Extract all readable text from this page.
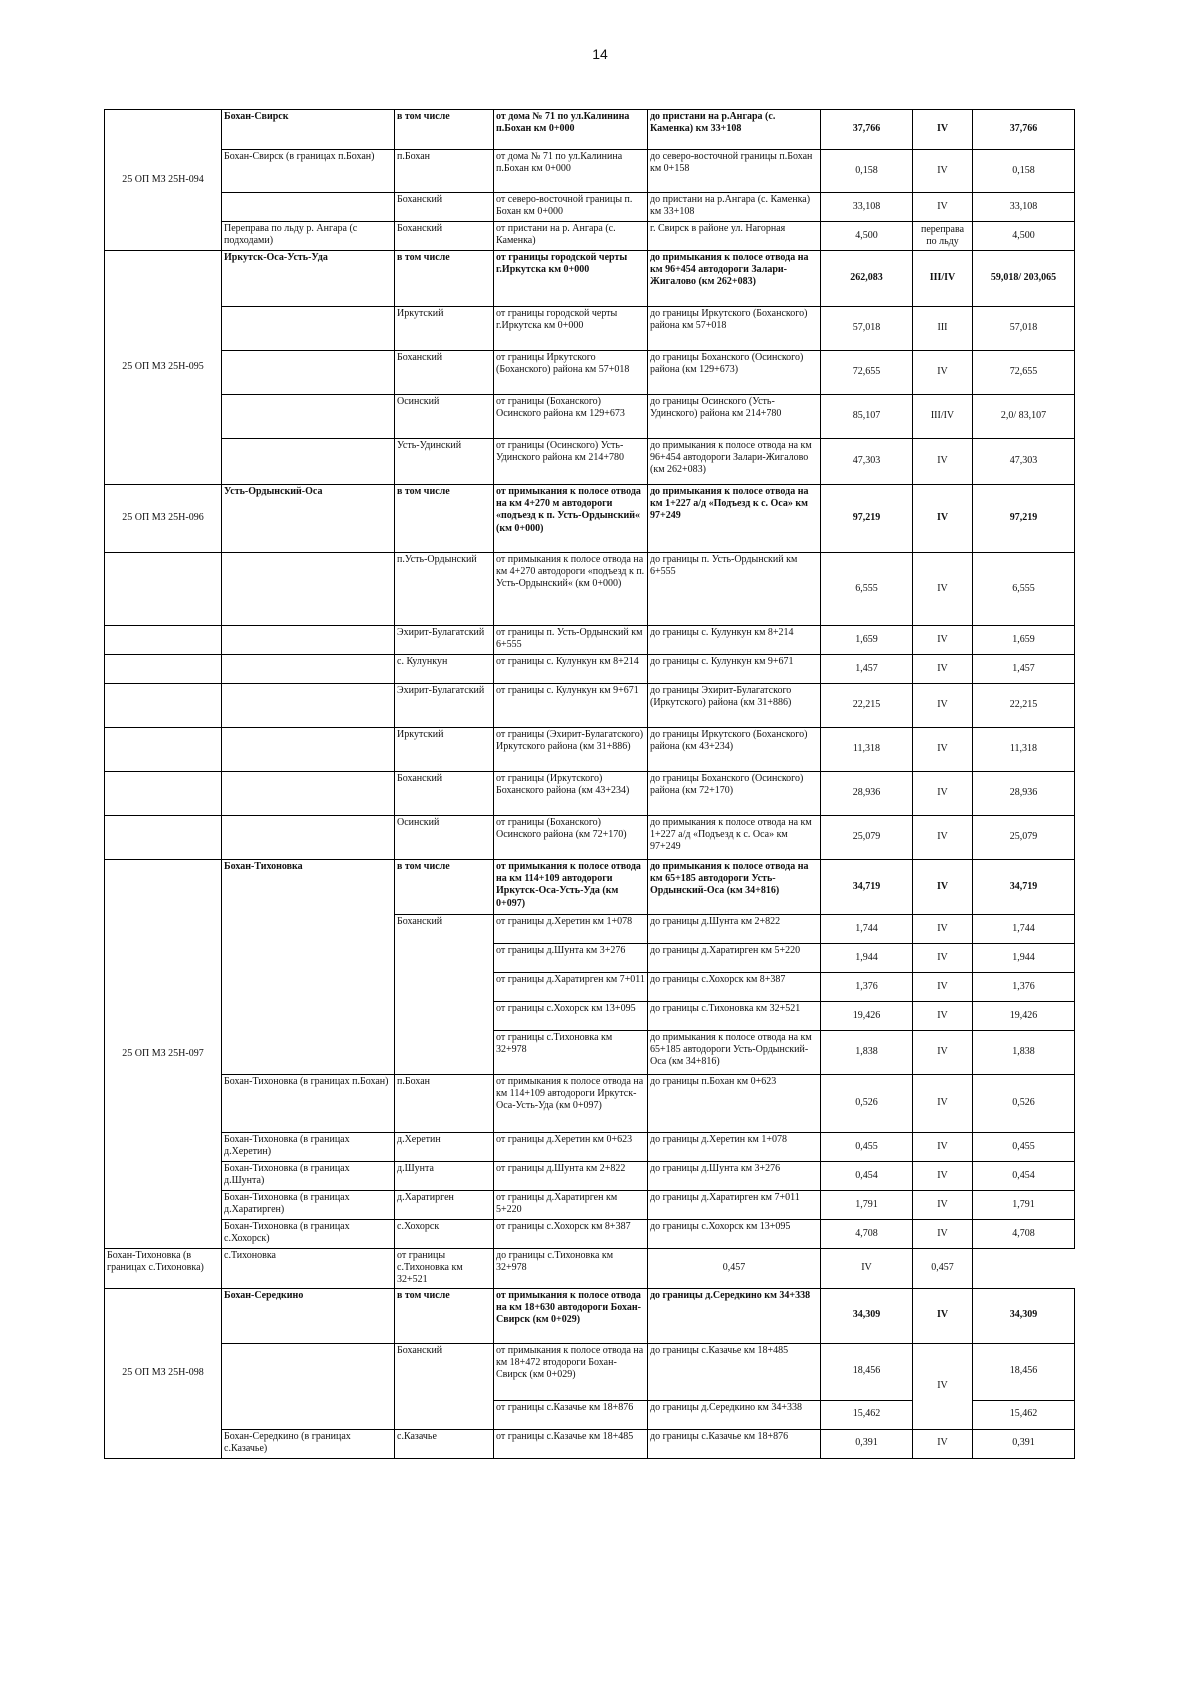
14
25 ОП МЗ 25Н-094	Бохан-Свирск	в том числе	от дома № 71 по ул.Калинина п.Бохан км 0+000	до пристани на р.Ангара (с. Каменка) км 33+108	37,766	IV	37,766
	Бохан-Свирск (в границах п.Бохан)	п.Бохан	от дома № 71 по ул.Калинина п.Бохан км 0+000	до северо-восточной границы п.Бохан км 0+158	0,158	IV	0,158
		Боханский	от северо-восточной границы п. Бохан км 0+000	до пристани на р.Ангара (с. Каменка) км 33+108	33,108	IV	33,108
	Переправа по льду р. Ангара (с подходами)	Боханский	от пристани на р. Ангара (с. Каменка)	г. Свирск в районе ул. Нагорная	4,500	переправа по льду	4,500
25 ОП МЗ 25Н-095	Иркутск-Оса-Усть-Уда	в том числе	от границы городской черты г.Иркутска км 0+000	до примыкания к полосе отвода на км 96+454 автодороги Залари-Жигалово (км 262+083)	262,083	III/IV	59,018/ 203,065
		Иркутский	от границы городской черты г.Иркутска км 0+000	до границы Иркутского (Боханского) района км 57+018	57,018	III	57,018
		Боханский	от границы Иркутского (Боханского) района км 57+018	до границы Боханского (Осинского) района (км 129+673)	72,655	IV	72,655
		Осинский	от границы (Боханского) Осинского района км 129+673	до границы Осинского (Усть-Удинского) района км 214+780	85,107	III/IV	2,0/ 83,107
		Усть-Удинский	от границы (Осинского) Усть-Удинского района км 214+780	до примыкания к полосе отвода на км 96+454 автодороги Залари-Жигалово (км 262+083)	47,303	IV	47,303
25 ОП МЗ 25Н-096	Усть-Ордынский-Оса	в том числе	от примыкания к полосе отвода на км 4+270 м автодороги «подъезд к п. Усть-Ордынский« (км 0+000)	до примыкания к полосе отвода на км 1+227 а/д «Подъезд к с. Оса» км 97+249	97,219	IV	97,219
		п.Усть-Ордынский	от примыкания к полосе отвода на км 4+270 автодороги «подъезд к п. Усть-Ордынский« (км 0+000)	до границы п. Усть-Ордынский км 6+555	6,555	IV	6,555
		Эхирит-Булагатский	от границы п. Усть-Ордынский км 6+555	до границы с. Кулункун км 8+214	1,659	IV	1,659
		с. Кулункун	от границы с. Кулункун км 8+214	до границы с. Кулункун км 9+671	1,457	IV	1,457
		Эхирит-Булагатский	от границы с. Кулункун км 9+671	до границы Эхирит-Булагатского (Иркутского) района (км 31+886)	22,215	IV	22,215
		Иркутский	от границы (Эхирит-Булагатского) Иркутского района (км 31+886)	до границы Иркутского (Боханского) района (км 43+234)	11,318	IV	11,318
		Боханский	от границы (Иркутского) Боханского района (км 43+234)	до границы Боханского (Осинского) района (км 72+170)	28,936	IV	28,936
		Осинский	от границы (Боханского) Осинского района (км 72+170)	до примыкания к полосе отвода на км 1+227 а/д «Подъезд к с. Оса» км 97+249	25,079	IV	25,079
25 ОП МЗ 25Н-097	Бохан-Тихоновка	в том числе	от примыкания к полосе отвода на км 114+109 автодороги Иркутск-Оса-Усть-Уда (км 0+097)	до примыкания к полосе отвода на км 65+185 автодороги Усть-Ордынский-Оса (км 34+816)	34,719	IV	34,719
		Боханский	от границы д.Херетин км 1+078	до границы д.Шунта км 2+822	1,744	IV	1,744
			от границы д.Шунта км 3+276	до границы д.Харатирген км 5+220	1,944	IV	1,944
			от границы д.Харатирген км 7+011	до границы с.Хохорск км 8+387	1,376	IV	1,376
			от границы с.Хохорск км 13+095	до границы с.Тихоновка км 32+521	19,426	IV	19,426
			от границы с.Тихоновка км 32+978	до примыкания к полосе отвода на км 65+185 автодороги Усть-Ордынский-Оса (км 34+816)	1,838	IV	1,838
	Бохан-Тихоновка (в границах п.Бохан)	п.Бохан	от примыкания к полосе отвода на км 114+109 автодороги Иркутск-Оса-Усть-Уда (км 0+097)	до границы п.Бохан км 0+623	0,526	IV	0,526
	Бохан-Тихоновка (в границах д.Херетин)	д.Херетин	от границы д.Херетин км 0+623	до границы д.Херетин км 1+078	0,455	IV	0,455
	Бохан-Тихоновка (в границах д.Шунта)	д.Шунта	от границы д.Шунта км 2+822	до границы д.Шунта км 3+276	0,454	IV	0,454
	Бохан-Тихоновка (в границах д.Харатирген)	д.Харатирген	от границы д.Харатирген км 5+220	до границы д.Харатирген км 7+011	1,791	IV	1,791
	Бохан-Тихоновка (в границах с.Хохорск)	с.Хохорск	от границы с.Хохорск км 8+387	до границы с.Хохорск км 13+095	4,708	IV	4,708
Бохан-Тихоновка (в границах с.Тихоновка)	с.Тихоновка	от границы с.Тихоновка км 32+521	до границы с.Тихоновка км 32+978	0,457	IV	0,457	
25 ОП МЗ 25Н-098	Бохан-Середкино	в том числе	от примыкания к полосе отвода на км 18+630 автодороги Бохан-Свирск (км 0+029)	до границы д.Середкино км 34+338	34,309	IV	34,309
		Боханский	от примыкания к полосе отвода на км 18+472 втодороги Бохан-Свирск (км 0+029)	до границы с.Казачье км 18+485	18,456	IV	18,456
			от границы с.Казачье км 18+876	до границы д.Середкино км 34+338	15,462		15,462
	Бохан-Середкино (в границах с.Казачье)	с.Казачье	от границы с.Казачье км 18+485	до границы с.Казачье км 18+876	0,391	IV	0,391
